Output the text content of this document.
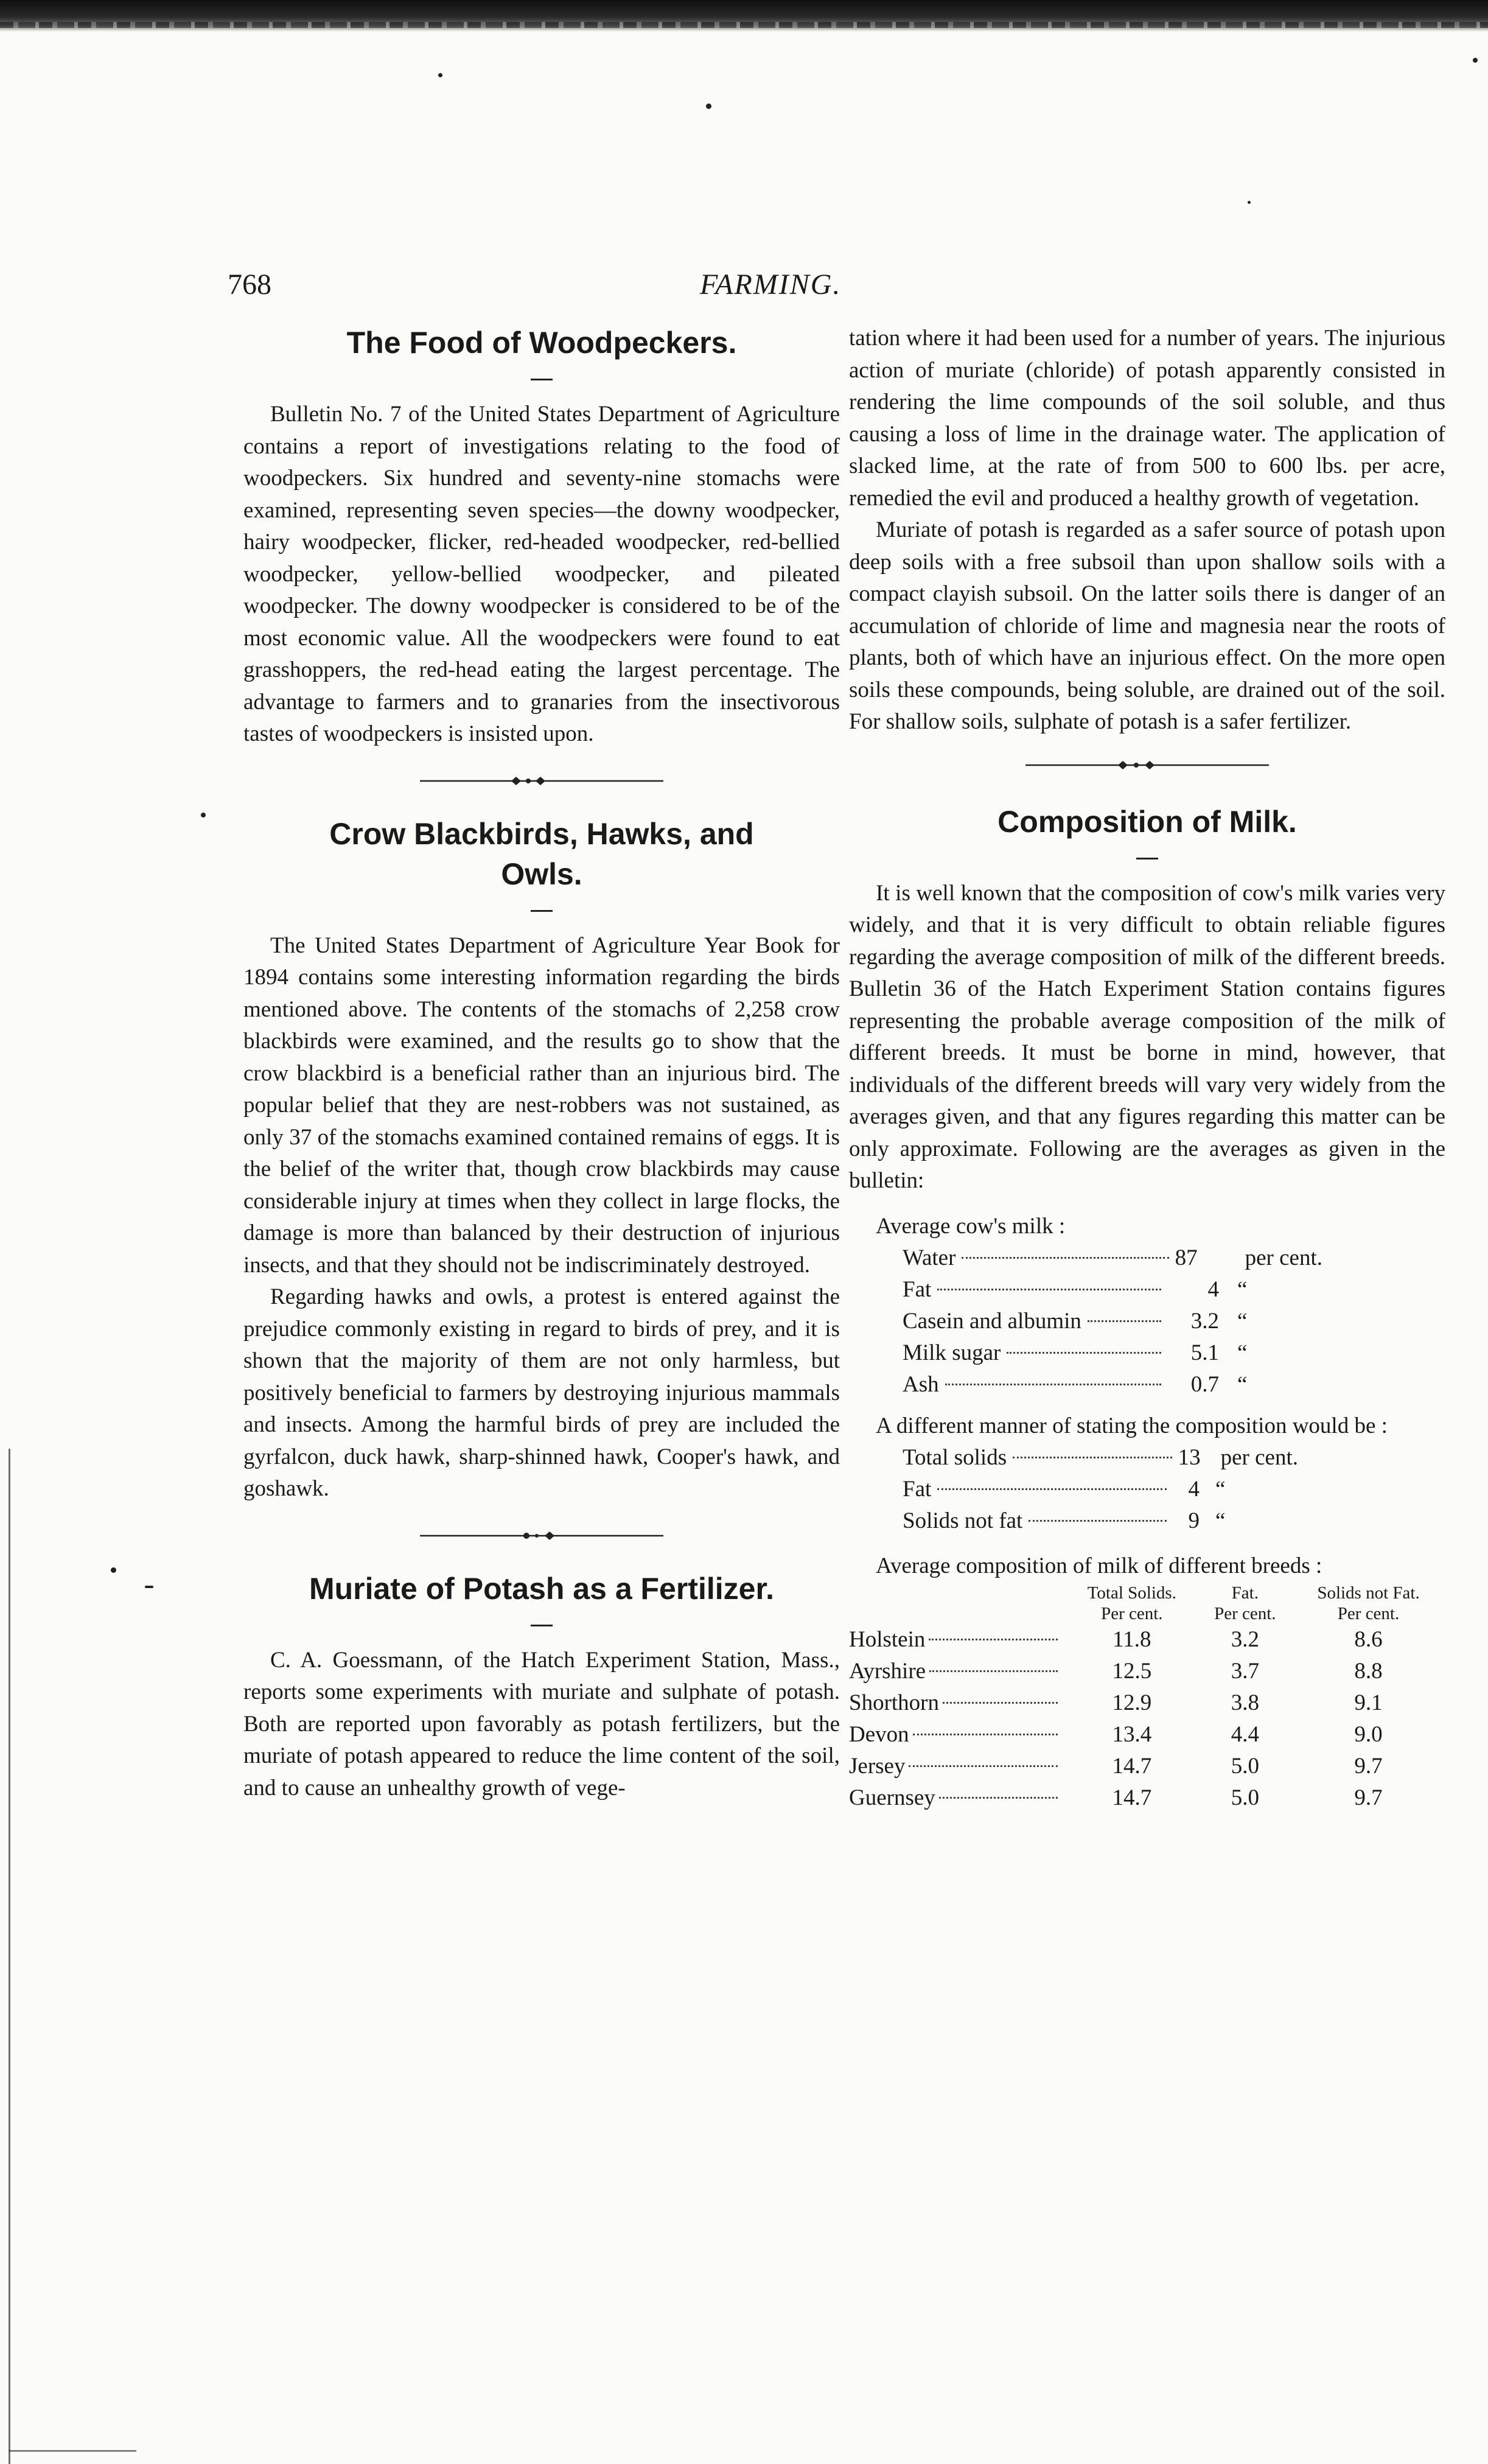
768	FARMING.
The Food of Woodpeckers.

Bulletin No. 7 of the United States Department of Agriculture contains a report of investigations relating to the food of woodpeckers. Six hundred and seventy-nine stomachs were examined, representing seven species—the downy woodpecker, hairy woodpecker, flicker, red-headed woodpecker, red-bellied woodpecker, yellow-bellied woodpecker, and pileated woodpecker. The downy woodpecker is considered to be of the most economic value. All the woodpeckers were found to eat grasshoppers, the red-head eating the largest percentage. The advantage to farmers and to granaries from the insectivorous tastes of woodpeckers is insisted upon.

Crow Blackbirds, Hawks, and
Owls.

The United States Department of Agriculture Year Book for 1894 contains some interesting information regarding the birds mentioned above. The contents of the stomachs of 2,258 crow blackbirds were examined, and the results go to show that the crow blackbird is a beneficial rather than an injurious bird. The popular belief that they are nest-robbers was not sustained, as only 37 of the stomachs examined contained remains of eggs. It is the belief of the writer that, though crow blackbirds may cause considerable injury at times when they collect in large flocks, the damage is more than balanced by their destruction of injurious insects, and that they should not be indiscriminately destroyed.

Regarding hawks and owls, a protest is entered against the prejudice commonly existing in regard to birds of prey, and it is shown that the majority of them are not only harmless, but positively beneficial to farmers by destroying injurious mammals and insects. Among the harmful birds of prey are included the gyrfalcon, duck hawk, sharp-shinned hawk, Cooper's hawk, and goshawk.

Muriate of Potash as a Fertilizer.

C. A. Goessmann, of the Hatch Experiment Station, Mass., reports some experiments with muriate and sulphate of potash. Both are reported upon favorably as potash fertilizers, but the muriate of potash appeared to reduce the lime content of the soil, and to cause an unhealthy growth of vege-

tation where it had been used for a number of years. The injurious action of muriate (chloride) of potash apparently consisted in rendering the lime compounds of the soil soluble, and thus causing a loss of lime in the drainage water. The application of slacked lime, at the rate of from 500 to 600 lbs. per acre, remedied the evil and produced a healthy growth of vegetation.

Muriate of potash is regarded as a safer source of potash upon deep soils with a free subsoil than upon shallow soils with a compact clayish subsoil. On the latter soils there is danger of an accumulation of chloride of lime and magnesia near the roots of plants, both of which have an injurious effect. On the more open soils these compounds, being soluble, are drained out of the soil. For shallow soils, sulphate of potash is a safer fertilizer.

Composition of Milk.

It is well known that the composition of cow's milk varies very widely, and that it is very difficult to obtain reliable figures regarding the average composition of milk of the different breeds. Bulletin 36 of the Hatch Experiment Station contains figures representing the probable average composition of the milk of different breeds. It must be borne in mind, however, that individuals of the different breeds will vary very widely from the averages given, and that any figures regarding this matter can be only approximate. Following are the averages as given in the bulletin:

Average cow's milk :
Water	87	per cent.
Fat	4 “
Casein and albumin	3.2 “
Milk sugar	5.1 “
Ash	0.7 “

A different manner of stating the composition would be :

Total solids	13 per cent.
Fat	4 “
Solids not fat	9 “

Average composition of milk of different breeds :

	Total Solids.	Fat.	Solids not Fat.
	Per cent.	Per cent.	Per cent.

Holstein	11.8	3.2	8.6

Ayrshire	12.5	3.7	8.8

Shorthorn	12.9	3.8	9.1

Devon	13.4	4.4	9.0

Jersey	14.7	5.0	9.7

Guernsey	14.7	5.0	9.7
